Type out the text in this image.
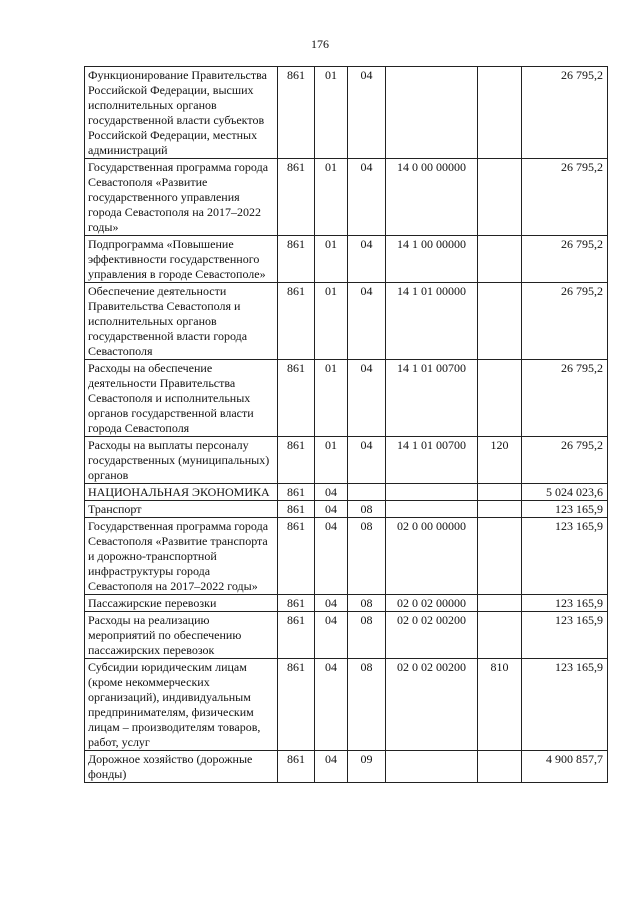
176
Функционирование Правительства Российской Федерации, высших исполнительных органов государственной власти субъектов Российской Федерации, местных администраций	861	01	04			26 795,2
Государственная программа города Севастополя «Развитие государственного управления города Севастополя на 2017–2022 годы»	861	01	04	14 0 00 00000		26 795,2
Подпрограмма «Повышение эффективности государственного управления в городе Севастополе»	861	01	04	14 1 00 00000		26 795,2
Обеспечение деятельности Правительства Севастополя и исполнительных органов государственной власти города Севастополя	861	01	04	14 1 01 00000		26 795,2
Расходы на обеспечение деятельности Правительства Севастополя и исполнительных органов государственной власти города Севастополя	861	01	04	14 1 01 00700		26 795,2
Расходы на выплаты персоналу государственных (муниципальных) органов	861	01	04	14 1 01 00700	120	26 795,2
НАЦИОНАЛЬНАЯ ЭКОНОМИКА	861	04				5 024 023,6
Транспорт	861	04	08			123 165,9
Государственная программа города Севастополя «Развитие транспорта и дорожно-транспортной инфраструктуры города Севастополя на 2017–2022 годы»	861	04	08	02 0 00 00000		123 165,9
Пассажирские перевозки	861	04	08	02 0 02 00000		123 165,9
Расходы на реализацию мероприятий по обеспечению пассажирских перевозок	861	04	08	02 0 02 00200		123 165,9
Субсидии юридическим лицам (кроме некоммерческих организаций), индивидуальным предпринимателям, физическим лицам – производителям товаров, работ, услуг	861	04	08	02 0 02 00200	810	123 165,9
Дорожное хозяйство (дорожные фонды)	861	04	09			4 900 857,7
